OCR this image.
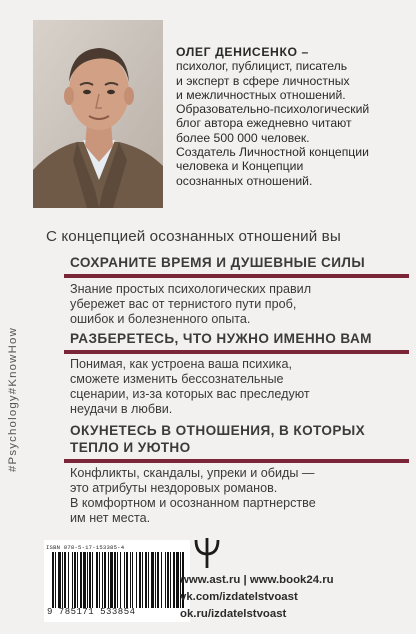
ОЛЕГ ДЕНИСЕНКО –
психолог, публицист, писатель
и эксперт в сфере личностных
и межличностных отношений.
Образовательно-психологический
блог автора ежедневно читают
более 500 000 человек.
Создатель Личностной концепции
человека и Концепции
осознанных отношений.
С концепцией осознанных отношений вы
СОХРАНИТЕ ВРЕМЯ И ДУШЕВНЫЕ СИЛЫ
Знание простых психологических правил
убережет вас от тернистого пути проб,
ошибок и болезненного опыта.
РАЗБЕРЕТЕСЬ, ЧТО НУЖНО ИМЕННО ВАМ
Понимая, как устроена ваша психика,
сможете изменить бессознательные
сценарии, из-за которых вас преследуют
неудачи в любви.
ОКУНЕТЕСЬ В ОТНОШЕНИЯ, В КОТОРЫХ
ТЕПЛО И УЮТНО
Конфликты, скандалы, упреки и обиды —
это атрибуты нездоровых романов.
В комфортном и осознанном партнерстве
им нет места.
#Psychology#KnowHow
ISBN 978-5-17-153385-4
9 785171 533854
www.ast.ru | www.book24.ru
vk.com/izdatelstvoast
ok.ru/izdatelstvoast
